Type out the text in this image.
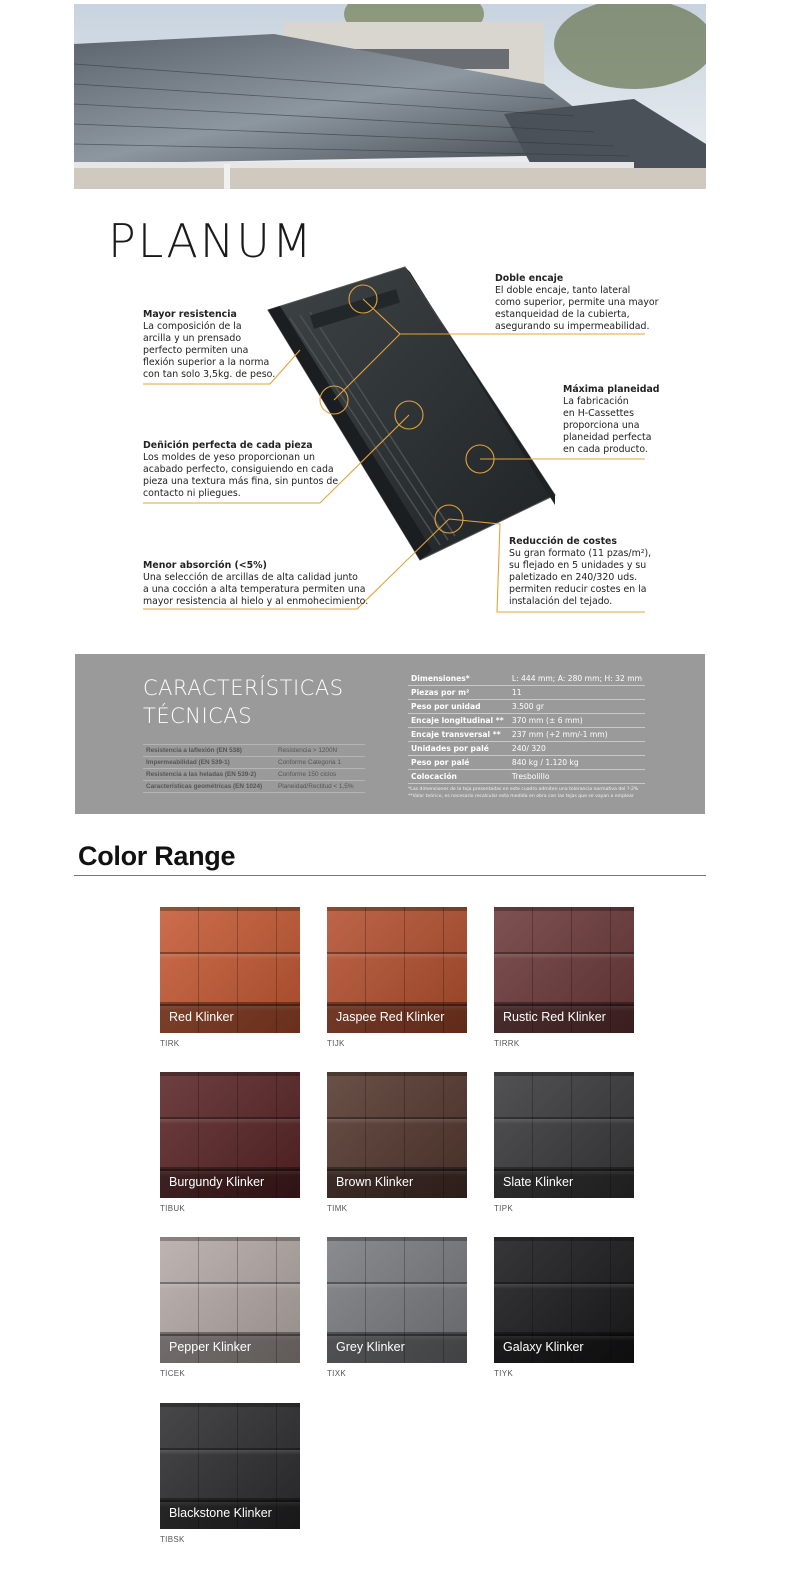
PLANUM
Doble encaje
El doble encaje, tanto lateral
como superior, permite una mayor
estanqueidad de la cubierta,
asegurando su impermeabilidad.
Mayor resistencia
La composición de la
arcilla y un prensado
perfecto permiten una
flexión superior a la norma
con tan solo 3,5kg. de peso.
Máxima planeidad
La fabricación
en H-Cassettes
proporciona una
planeidad perfecta
en cada producto.
Deñición perfecta de cada pieza
Los moldes de yeso proporcionan un
acabado perfecto, consiguiendo en cada
pieza una textura más fina, sin puntos de
contacto ni pliegues.
Reducción de costes
Su gran formato (11 pzas/m²),
su flejado en 5 unidades y su
paletizado en 240/320 uds.
permiten reducir costes en la
instalación del tejado.
Menor absorción (<5%)
Una selección de arcillas de alta calidad junto
a una cocción a alta temperatura permiten una
mayor resistencia al hielo y al enmohecimiento.
CARACTERÍSTICAS
TÉCNICAS
Resistencia a laflexión (EN 538)	Resistencia > 1200N
Impermeabilidad (EN 539-1)	Conforme Categoria 1
Resistencia a las heladas (EN 539-2)	Conforme 150 ciclos
Características geométricas (EN 1024)	Planeidad/Rectitud < 1,5%
Dimensiones*	L: 444 mm; A: 280 mm; H: 32 mm
Piezas por m²	11
Peso por unidad	3.500 gr
Encaje longitudinal **	370 mm (± 6 mm)
Encaje transversal **	237 mm (+2 mm/-1 mm)
Unidades por palé	240/ 320
Peso por palé	840 kg / 1.120 kg
Colocación	Tresbolillo
*Las dimensiones de la teja presentadas en este cuadro admiten una tolerancia normativa del ?-2%
**Valor teórico, es necesario recalcular esta medida en obra con las tejas que se vayan a emplear
Color Range
Red Klinker
TIRK
Jaspee Red Klinker
TIJK
Rustic Red Klinker
TIRRK
Burgundy Klinker
TIBUK
Brown Klinker
TIMK
Slate Klinker
TIPK
Pepper Klinker
TICEK
Grey Klinker
TIXK
Galaxy Klinker
TIYK
Blackstone Klinker
TIBSK
